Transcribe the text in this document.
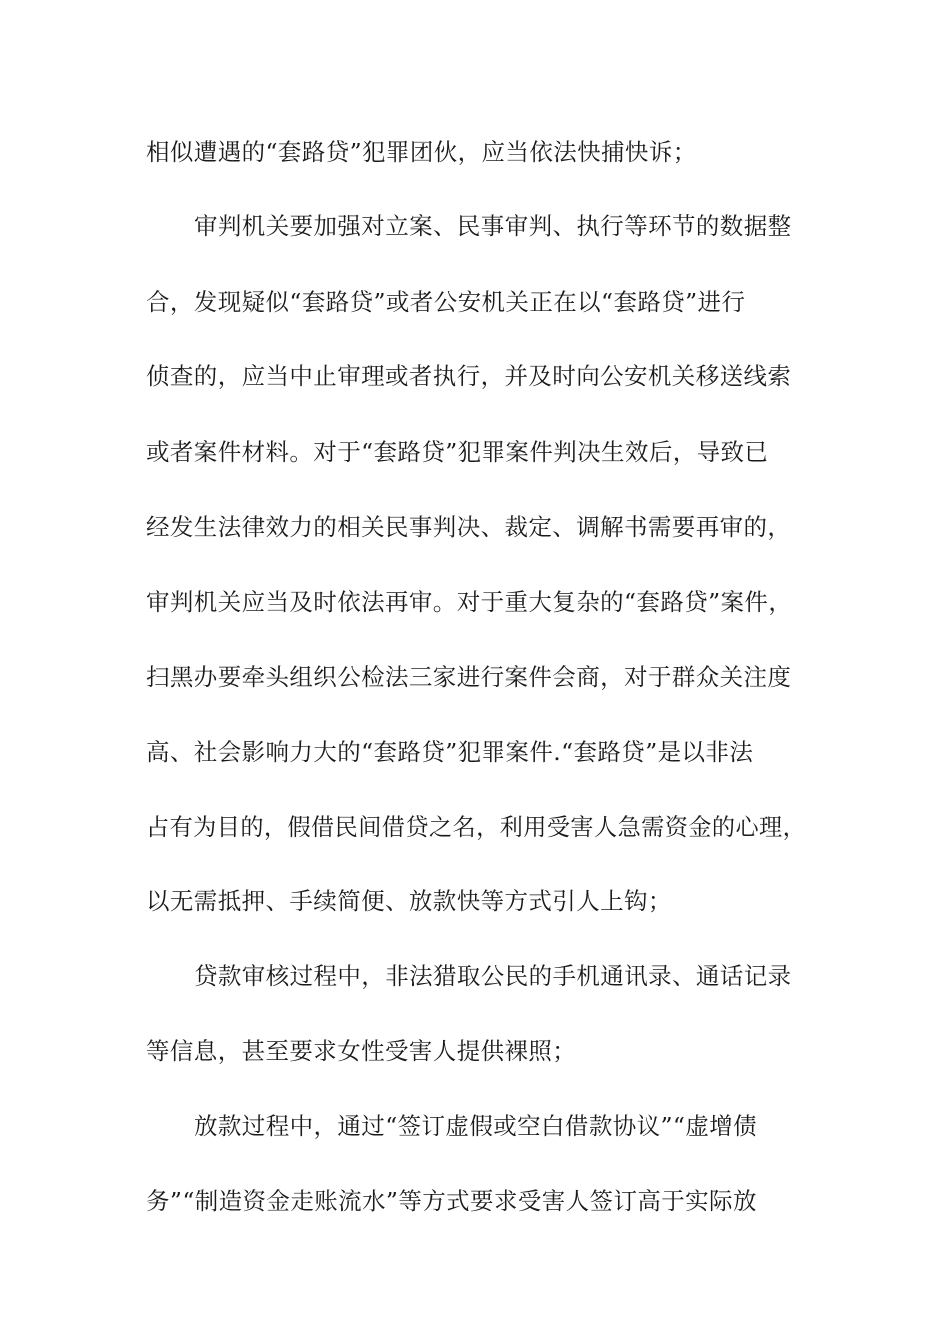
相似遭遇的“套路贷”犯罪团伙，应当依法快捕快诉；
审判机关要加强对立案、民事审判、执行等环节的数据整
合，发现疑似“套路贷”或者公安机关正在以“套路贷”进行
侦查的，应当中止审理或者执行，并及时向公安机关移送线索
或者案件材料。对于“套路贷”犯罪案件判决生效后，导致已
经发生法律效力的相关民事判决、裁定、调解书需要再审的，
审判机关应当及时依法再审。对于重大复杂的“套路贷”案件，
扫黑办要牵头组织公检法三家进行案件会商，对于群众关注度
高、社会影响力大的“套路贷”犯罪案件.“套路贷”是以非法
占有为目的，假借民间借贷之名，利用受害人急需资金的心理，
以无需抵押、手续简便、放款快等方式引人上钩；
贷款审核过程中，非法猎取公民的手机通讯录、通话记录
等信息，甚至要求女性受害人提供裸照；
放款过程中，通过“签订虚假或空白借款协议”“虚增债
务”“制造资金走账流水”等方式要求受害人签订高于实际放
